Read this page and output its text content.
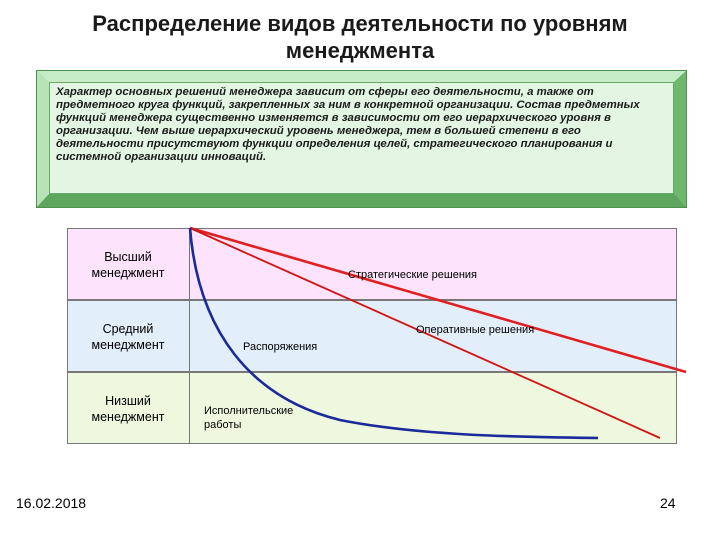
Распределение видов деятельности по уровням менеджмента
Характер основных решений менеджера зависит от сферы его деятельности, а также от предметного круга функций, закрепленных за ним в конкретной организации. Состав предметных функций менеджера существенно изменяется в зависимости от его иерархического уровня в организации. Чем выше иерархический уровень менеджера, тем в большей степени в его деятельности присутствуют функции определения целей, стратегического планирования и системной организации инноваций.
Высший менеджмент
Средний менеджмент
Низший менеджмент
Стратегические решения
Оперативные решения
Распоряжения
Исполнительские работы
16.02.2018	24
